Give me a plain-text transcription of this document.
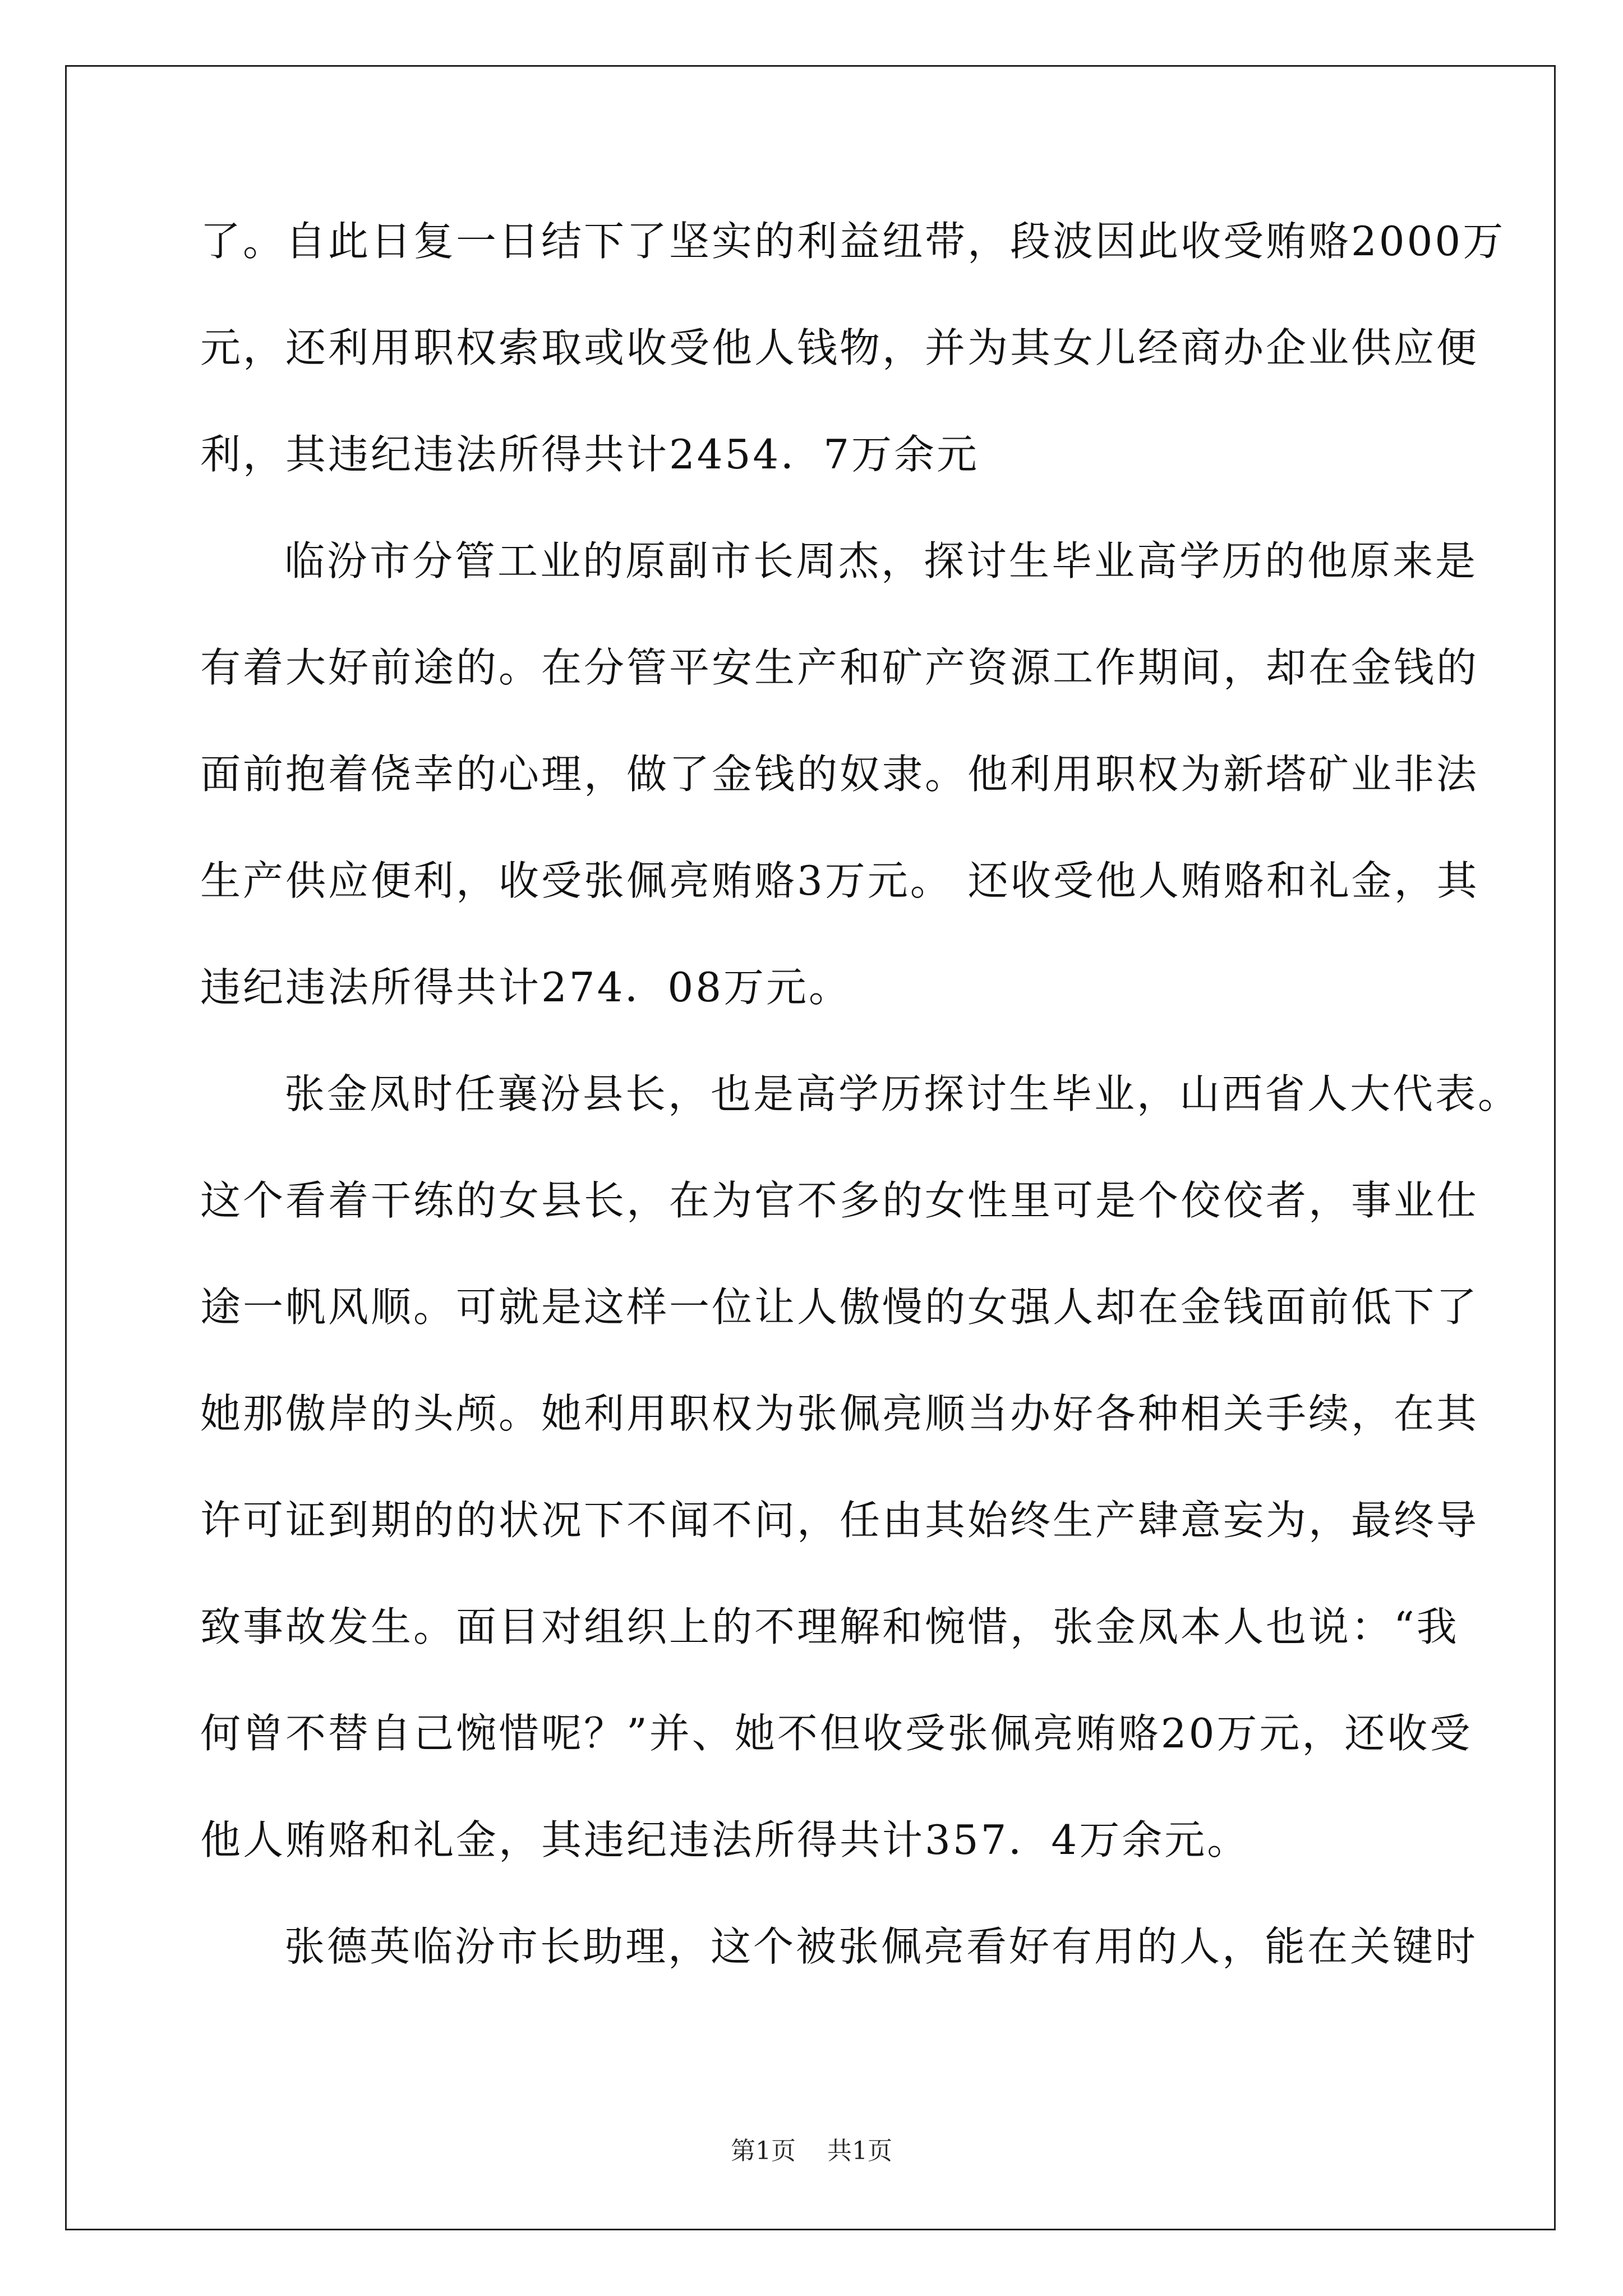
了。自此日复一日结下了坚实的利益纽带，段波因此收受贿赂2000万
元，还利用职权索取或收受他人钱物，并为其女儿经商办企业供应便
利，其违纪违法所得共计2454．7万余元
临汾市分管工业的原副市长周杰，探讨生毕业高学历的他原来是
有着大好前途的。在分管平安生产和矿产资源工作期间，却在金钱的
面前抱着侥幸的心理，做了金钱的奴隶。他利用职权为新塔矿业非法
生产供应便利，收受张佩亮贿赂3万元。 还收受他人贿赂和礼金，其
违纪违法所得共计274．08万元。
张金凤时任襄汾县长，也是高学历探讨生毕业，山西省人大代表。
这个看着干练的女县长，在为官不多的女性里可是个佼佼者，事业仕
途一帆风顺。可就是这样一位让人傲慢的女强人却在金钱面前低下了
她那傲岸的头颅。她利用职权为张佩亮顺当办好各种相关手续，在其
许可证到期的的状况下不闻不问，任由其始终生产肆意妄为，最终导
致事故发生。面目对组织上的不理解和惋惜，张金凤本人也说：“我
何曾不替自己惋惜呢？”并、她不但收受张佩亮贿赂20万元，还收受
他人贿赂和礼金，其违纪违法所得共计357．4万余元。
张德英临汾市长助理，这个被张佩亮看好有用的人，能在关键时
第1页 共1页
